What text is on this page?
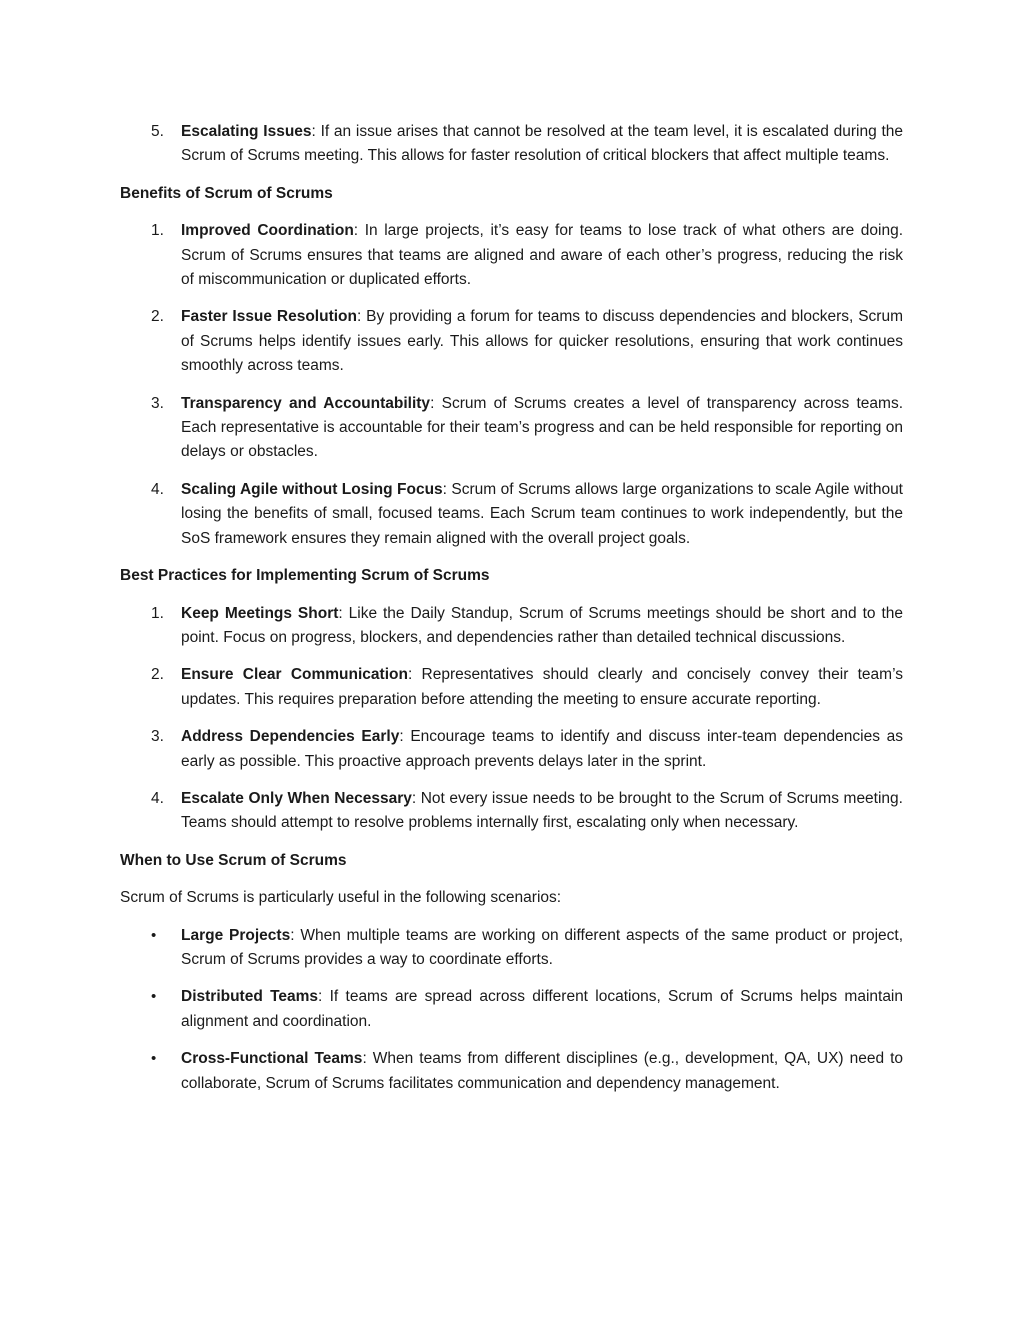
5.	Escalating Issues: If an issue arises that cannot be resolved at the team level, it is escalated during the Scrum of Scrums meeting. This allows for faster resolution of critical blockers that affect multiple teams.
Benefits of Scrum of Scrums
1.	Improved Coordination: In large projects, it’s easy for teams to lose track of what others are doing. Scrum of Scrums ensures that teams are aligned and aware of each other’s progress, reducing the risk of miscommunication or duplicated efforts.
2.	Faster Issue Resolution: By providing a forum for teams to discuss dependencies and blockers, Scrum of Scrums helps identify issues early. This allows for quicker resolutions, ensuring that work continues smoothly across teams.
3.	Transparency and Accountability: Scrum of Scrums creates a level of transparency across teams. Each representative is accountable for their team’s progress and can be held responsible for reporting on delays or obstacles.
4.	Scaling Agile without Losing Focus: Scrum of Scrums allows large organizations to scale Agile without losing the benefits of small, focused teams. Each Scrum team continues to work independently, but the SoS framework ensures they remain aligned with the overall project goals.
Best Practices for Implementing Scrum of Scrums
1.	Keep Meetings Short: Like the Daily Standup, Scrum of Scrums meetings should be short and to the point. Focus on progress, blockers, and dependencies rather than detailed technical discussions.
2.	Ensure Clear Communication: Representatives should clearly and concisely convey their team’s updates. This requires preparation before attending the meeting to ensure accurate reporting.
3.	Address Dependencies Early: Encourage teams to identify and discuss inter-team dependencies as early as possible. This proactive approach prevents delays later in the sprint.
4.	Escalate Only When Necessary: Not every issue needs to be brought to the Scrum of Scrums meeting. Teams should attempt to resolve problems internally first, escalating only when necessary.
When to Use Scrum of Scrums
Scrum of Scrums is particularly useful in the following scenarios:
• Large Projects: When multiple teams are working on different aspects of the same product or project, Scrum of Scrums provides a way to coordinate efforts.
• Distributed Teams: If teams are spread across different locations, Scrum of Scrums helps maintain alignment and coordination.
• Cross-Functional Teams: When teams from different disciplines (e.g., development, QA, UX) need to collaborate, Scrum of Scrums facilitates communication and dependency management.
